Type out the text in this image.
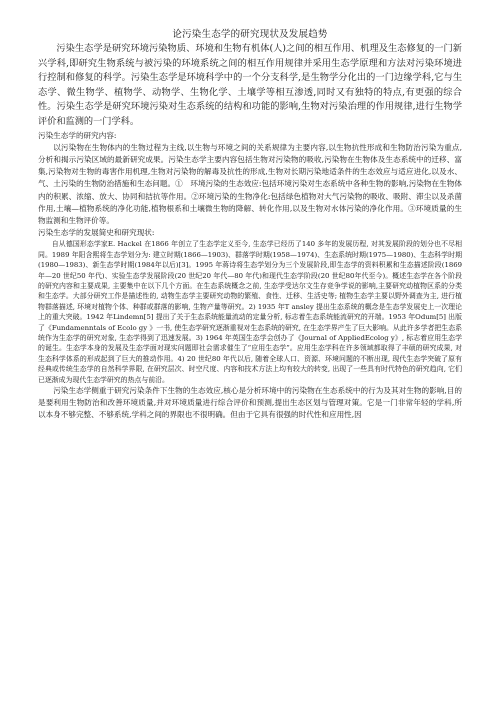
论污染生态学的研究现状及发展趋势

污染生态学是研究环境污染物质、环境和生物有机体(人)之间的相互作用、机理及生态修复的一门新兴学科,即研究生物系统与被污染的环境系统之间的相互作用规律并采用生态学原理和方法对污染环境进行控制和修复的科学。污染生态学是环境科学中的一个分支科学,是生物学分化出的一门边缘学科,它与生态学、微生物学、植物学、动物学、生物化学、土壤学等相互渗透,同时又有独特的特点,有更强的综合性。污染生态学是研究环境污染对生态系统的结构和功能的影响,生物对污染治理的作用规律,进行生物学评价和监测的一门学科。

污染生态学的研究内容:

以污染物在生物体内的生物过程为主线,以生物与环境之间的关系规律为主要内容,以生物抗性形成和生物防治污染为重点,分析和揭示污染区域的最新研究成果。污染生态学主要内容包括生物对污染物的吸收,污染物在生物体及生态系统中的迁移、富集,污染物对生物的毒害作用机理,生物对污染物的解毒及抗性的形成,生物对长期污染地适条件的生态效应与适应进化,以及水、气、土污染的生物防治措施和生态问题。①　环境污染的生态效应:包括环境污染对生态系统中各种生物的影响,污染物在生物体内的积累、浓缩、放大、协同和拮抗等作用。②环境污染的生物净化:包括绿色植物对大气污染物的吸收、吸附、滞尘以及杀菌作用,土壤—植物系统的净化功能,植物根系和土壤微生物的降解、转化作用,以及生物对水体污染的净化作用。③环境质量的生物监测和生物评价等。

污染生态学的发展简史和研究现状:

自从德国形态学家E. Hackel 在1866 年创立了生态学定义至今, 生态学已经历了140 多年的发展历程, 对其发展阶段的划分也不尽相同。1989 年阳含熙将生态学划分为: 建立时期(1866—1903)、群落学时期(1958—1974)、生态系统时期(1975—1980)、生态科学时期(1980—1983)、新生态学时期(1984年以后)[3]。1995 年蒋诗将生态学划分为三个发展阶段,即生态学的资料积累和生态描述阶段(1869年—20 世纪50 年代)、实验生态学发展阶段(20 世纪20 年代—80 年代)和现代生态学阶段(20 世纪80年代至今)。概述生态学在各个阶段的研究内容和主要成果, 主要集中在以下几个方面。在生态系统概念之前, 生态学受达尔文生存竞争学说的影响,主要研究动植物区系的分类和生态学。大部分研究工作是描述性的, 动物生态学主要研究动物的繁殖、食性、迁移、生活史等; 植物生态学主要以野外调查为主, 进行植物群落描述, 环境对植物个体、种群或群落的影响, 生物产量等研究。2) 1935 年T ansley 提出生态系统的概念是生态学发展史上一次理论上的重大突破。1942 年Lindemn[5] 提出了关于生态系统能量流动的定量分析, 标志着生态系统能流研究的开端。1953 年Odum[5] 出版了《Fundamenntals of Ecolo gy 》一书, 使生态学研究逐渐重视对生态系统的研究, 在生态学界产生了巨大影响。从此许多学者把生态系统作为生态学的研究对象, 生态学得到了迅速发展。3) 1964 年英国生态学会创办了《Journal of AppliedEcolog y》, 标志着应用生态学的诞生。生态学本身的发展及生态学面对现实问题即社会需求催生了“应用生态学”。应用生态学科在许多领域都取得了丰硕的研究成果, 对生态科学体系的形成起到了巨大的推动作用。4) 20 世纪80 年代以后, 随着全球人口、资源、环境问题的不断出现, 现代生态学突破了原有经典或传统生态学的自然科学界限, 在研究层次、时空尺度、内容和技术方法上均有较大的转变, 出现了一些具有时代特色的研究趋向, 它们已逐渐成为现代生态学研究的热点与前沿。

污染生态学侧重于研究污染条件下生物的生态效应,核心是分析环境中的污染物在生态系统中的行为及其对生物的影响,目的是要利用生物防治和改善环境质量,并对环境质量进行综合评价和预测,提出生态区划与管理对策。它是一门非常年轻的学科,所以本身不够完整、不够系统,学科之间的界限也不很明确。但由于它具有很强的时代性和应用性,因
